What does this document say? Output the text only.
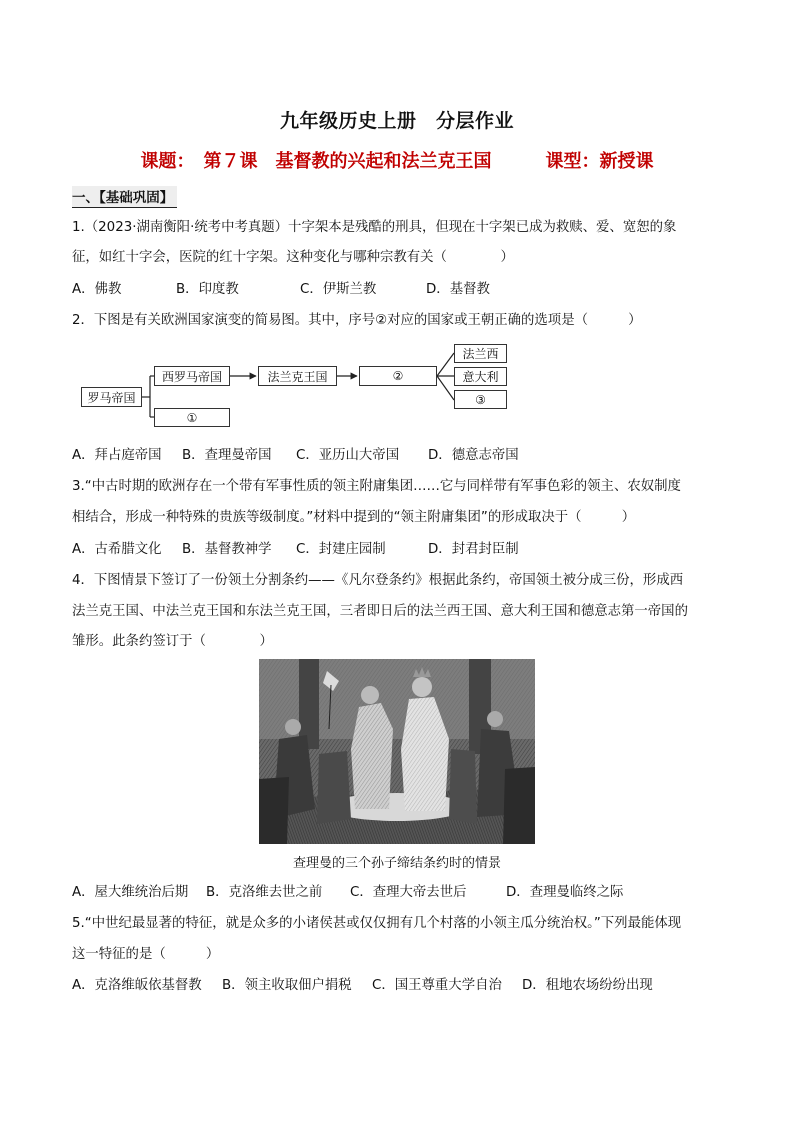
九年级历史上册　分层作业
课题：　 第７课　基督教的兴起和法兰克王国　　　	课型：新授课
一、【基础巩固】
1.（2023·湖南衡阳·统考中考真题）十字架本是残酷的刑具，但现在十字架已成为救赎、爱、宽恕的象
征，如红十字会，医院的红十字架。这种变化与哪种宗教有关（　　　　）
A．佛教	B．印度教	C．伊斯兰教	D．基督教
2．下图是有关欧洲国家演变的简易图。其中，序号②对应的国家或王朝正确的选项是（　　　）
罗马帝国
西罗马帝国
①
法兰克王国	②
法兰西
意大利
③
A．拜占庭帝国 B．查理曼帝国 C．亚历山大帝国 D．德意志帝国
3.“中古时期的欧洲存在一个带有军事性质的领主附庸集团……它与同样带有军事色彩的领主、农奴制度
相结合，形成一种特殊的贵族等级制度。”材料中提到的“领主附庸集团”的形成取决于（　　　）
A．古希腊文化 B．基督教神学 C．封建庄园制	D．封君封臣制
4．下图情景下签订了一份领土分割条约——《凡尔登条约》根据此条约，帝国领土被分成三份，形成西
法兰克王国、中法兰克王国和东法兰克王国，三者即日后的法兰西王国、意大利王国和德意志第一帝国的
雏形。此条约签订于（　　　　）
查理曼的三个孙子缔结条约时的情景
A．屋大维统治后期 B．克洛维去世之前 C．查理大帝去世后	D．查理曼临终之际
5.“中世纪最显著的特征，就是众多的小诸侯甚或仅仅拥有几个村落的小领主瓜分统治权。”下列最能体现
这一特征的是（　　　）
A．克洛维皈依基督教 B．领主收取佃户捐税 C．国王尊重大学自治 D．租地农场纷纷出现
